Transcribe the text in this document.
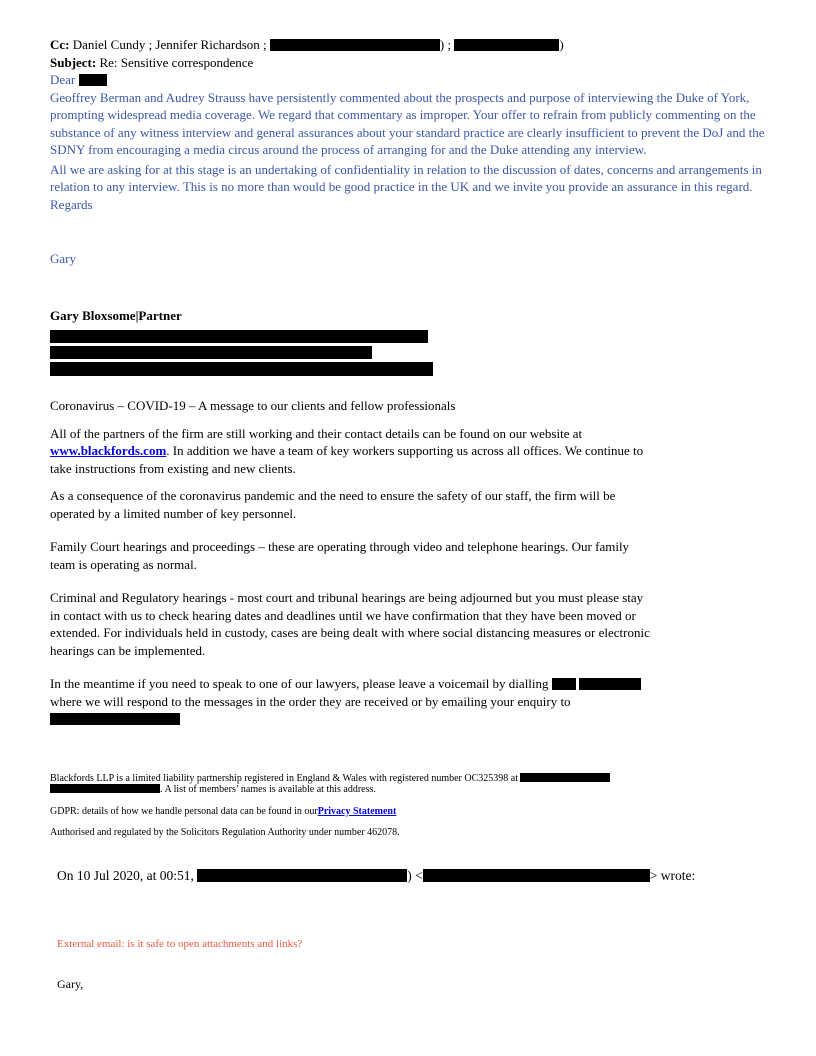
Cc: Daniel Cundy ; Jennifer Richardson ;	) ;	)

Subject: Re: Sensitive correspondence

Dear

Geoffrey Berman and Audrey Strauss have persistently commented about the prospects and purpose of interviewing the Duke of York, prompting widespread media coverage. We regard that commentary as improper. Your offer to refrain from publicly commenting on the substance of any witness interview and general assurances about your standard practice are clearly insufficient to prevent the DoJ and the SDNY from encouraging a media circus around the process of arranging for and the Duke attending any interview.

All we are asking for at this stage is an undertaking of confidentiality in relation to the discussion of dates, concerns and arrangements in relation to any interview. This is no more than would be good practice in the UK and we invite you provide an assurance in this regard.

Regards

Gary

Gary Bloxsome|Partner

Coronavirus – COVID-19 – A message to our clients and fellow professionals

All of the partners of the firm are still working and their contact details can be found on our website at www.blackfords.com. In addition we have a team of key workers supporting us across all offices. We continue to take instructions from existing and new clients.

As a consequence of the coronavirus pandemic and the need to ensure the safety of our staff, the firm will be operated by a limited number of key personnel.

Family Court hearings and proceedings – these are operating through video and telephone hearings. Our family team is operating as normal.

Criminal and Regulatory hearings - most court and tribunal hearings are being adjourned but you must please stay in contact with us to check hearing dates and deadlines until we have confirmation that they have been moved or extended. For individuals held in custody, cases are being dealt with where social distancing measures or electronic hearings can be implemented.

In the meantime if you need to speak to one of our lawyers, please leave a voicemail by dialling   where we will respond to the messages in the order they are received or by emailing your enquiry to

Blackfords LLP is a limited liability partnership registered in England & Wales with registered number OC325398 at  . A list of members’ names is available at this address.

GDPR: details of how we handle personal data can be found in ourPrivacy Statement

Authorised and regulated by the Solicitors Regulation Authority under number 462078.

On 10 Jul 2020, at 00:51,	) <	> wrote:

External email: is it safe to open attachments and links?

Gary,
